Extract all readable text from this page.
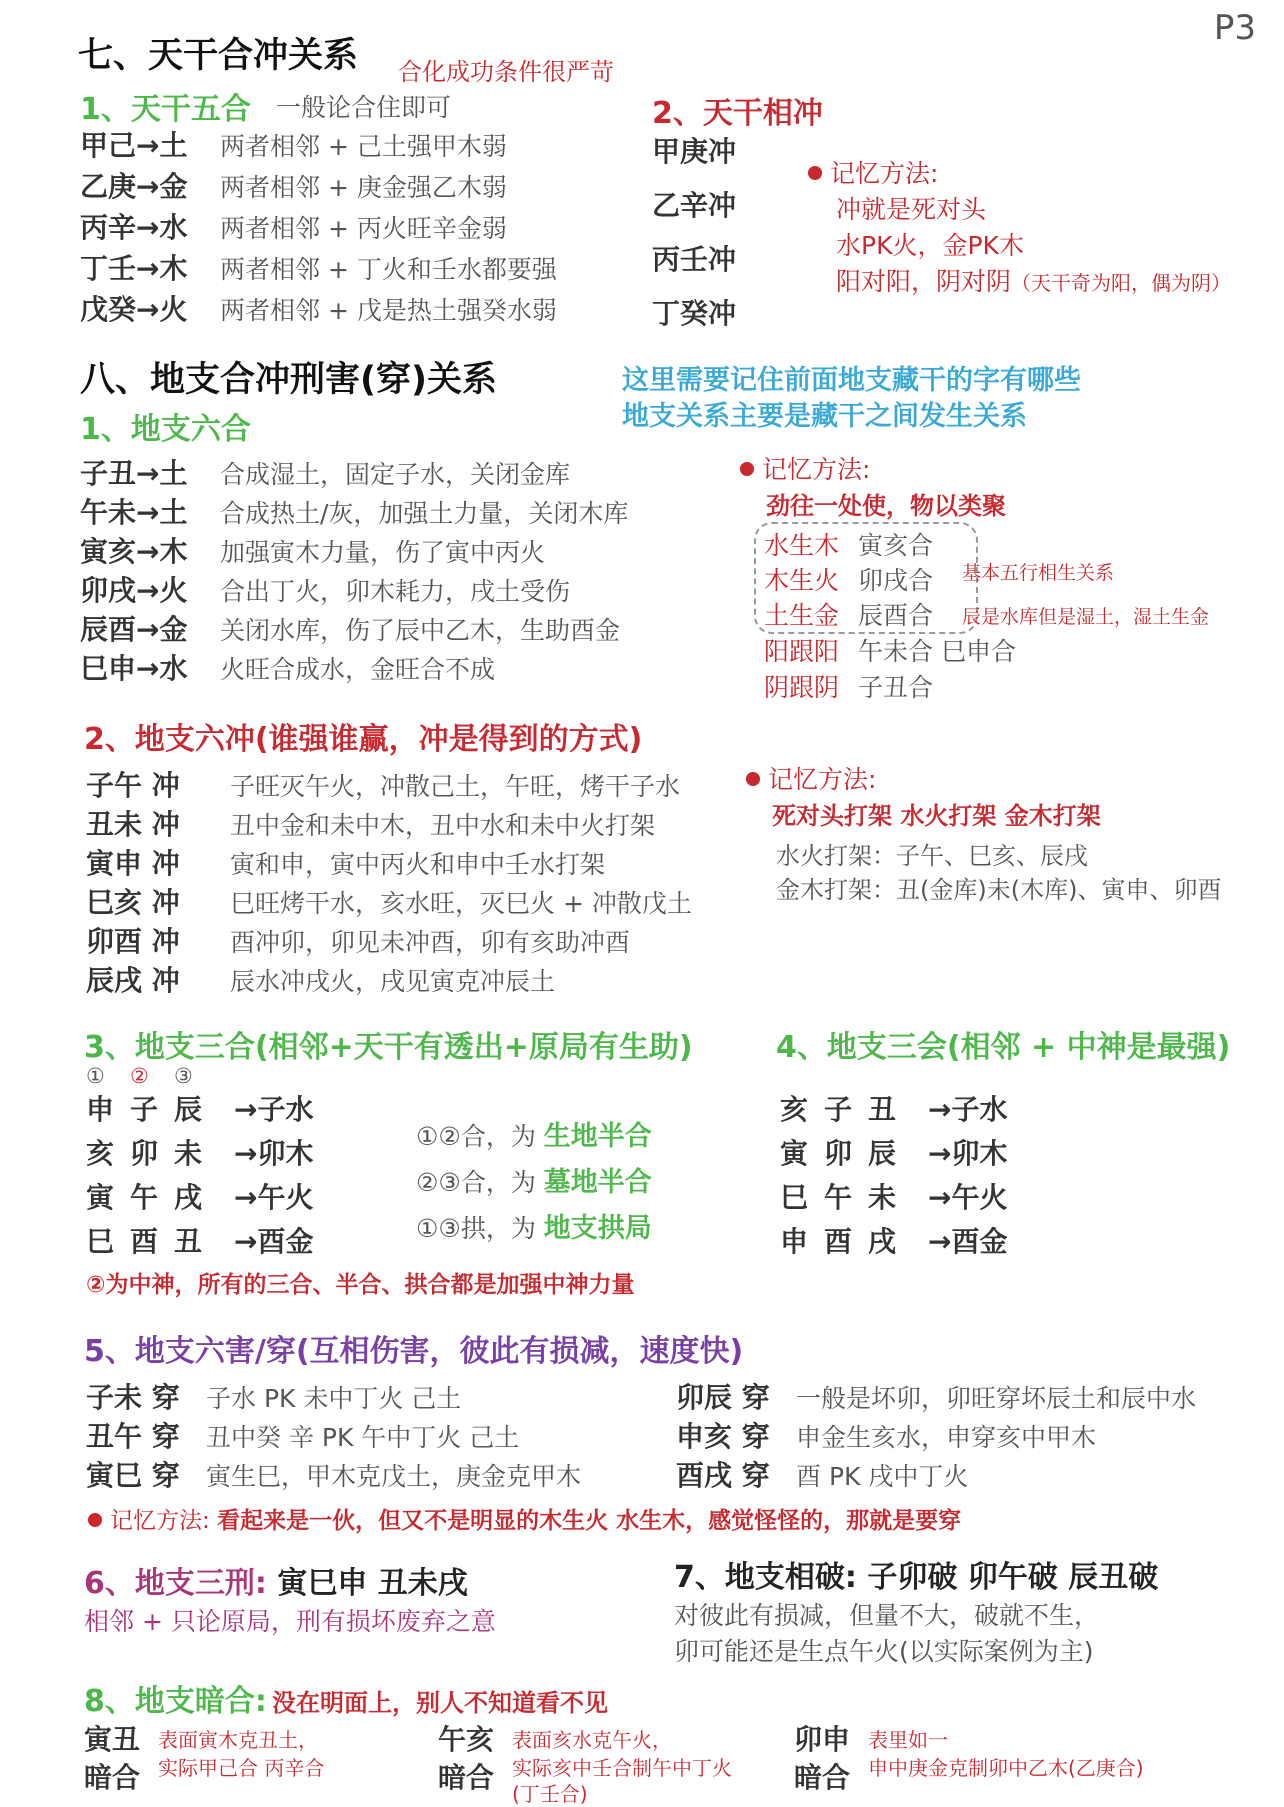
P3
七、天干合冲关系 合化成功条件很严苛
1、天干五合 一般论合住即可
甲己→土 两者相邻 + 己土强甲木弱
乙庚→金 两者相邻 + 庚金强乙木弱
丙辛→水 两者相邻 + 丙火旺辛金弱
丁壬→木 两者相邻 + 丁火和壬水都要强
戊癸→火 两者相邻 + 戊是热土强癸水弱
2、天干相冲
甲庚冲
乙辛冲
丙壬冲
丁癸冲
记忆方法:
冲就是死对头
水PK火，金PK木
阳对阳，阴对阴（天干奇为阳，偶为阴）
八、地支合冲刑害(穿)关系	这里需要记住前面地支藏干的字有哪些
地支关系主要是藏干之间发生关系
1、地支六合
子丑→土 合成湿土，固定子水，关闭金库
午未→土 合成热土/灰，加强土力量，关闭木库
寅亥→木 加强寅木力量，伤了寅中丙火
卯戌→火 合出丁火，卯木耗力，戌土受伤
辰酉→金 关闭水库，伤了辰中乙木，生助酉金
巳申→水 火旺合成水，金旺合不成
记忆方法:
劲往一处使，物以类聚
水生木 寅亥合
木生火 卯戌合
土生金 辰酉合
阳跟阳 午未合 巳申合
阴跟阴 子丑合
基本五行相生关系
辰是水库但是湿土，湿土生金
2、地支六冲(谁强谁赢，冲是得到的方式)
子午 冲 子旺灭午火，冲散己土，午旺，烤干子水
丑未 冲 丑中金和未中木，丑中水和未中火打架
寅申 冲 寅和申，寅中丙火和申中壬水打架
巳亥 冲 巳旺烤干水，亥水旺，灭巳火 + 冲散戊土
卯酉 冲 酉冲卯，卯见未冲酉，卯有亥助冲酉
辰戌 冲 辰水冲戌火，戌见寅克冲辰土
记忆方法:
死对头打架 水火打架 金木打架
水火打架：子午、巳亥、辰戌
金木打架：丑(金库)未(木库)、寅申、卯酉
3、地支三合(相邻+天干有透出+原局有生助)
① ② ③
申 子 辰 →子水
亥 卯 未 →卯木
寅 午 戌 →午火
巳 酉 丑 →酉金
①②合，为 生地半合
②③合，为 墓地半合
①③拱，为 地支拱局
②为中神，所有的三合、半合、拱合都是加强中神力量
4、地支三会(相邻 + 中神是最强)
亥 子 丑 →子水
寅 卯 辰 →卯木
巳 午 未 →午火
申 酉 戌 →酉金
5、地支六害/穿(互相伤害，彼此有损减，速度快)
子未 穿 子水 PK 未中丁火 己土
丑午 穿 丑中癸 辛 PK 午中丁火 己土
寅巳 穿 寅生巳，甲木克戊土，庚金克甲木
卯辰 穿 一般是坏卯，卯旺穿坏辰土和辰中水
申亥 穿 申金生亥水，申穿亥中甲木
酉戌 穿 酉 PK 戌中丁火
记忆方法: 看起来是一伙，但又不是明显的木生火 水生木，感觉怪怪的，那就是要穿
6、地支三刑: 寅巳申 丑未戌
相邻 + 只论原局，刑有损坏废弃之意
7、地支相破: 子卯破 卯午破 辰丑破
对彼此有损减，但量不大，破就不生，
卯可能还是生点午火(以实际案例为主)
8、地支暗合: 没在明面上，别人不知道看不见
寅丑
暗合
表面寅木克丑土，
实际甲己合 丙辛合
午亥
暗合
表面亥水克午火，
实际亥中壬合制午中丁火
(丁壬合)
卯申
暗合
表里如一
申中庚金克制卯中乙木(乙庚合)
